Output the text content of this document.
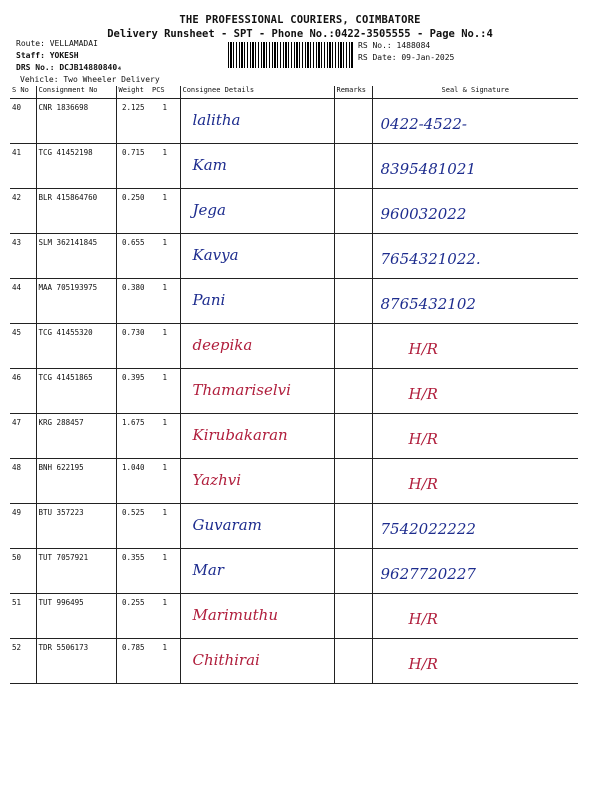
THE PROFESSIONAL COURIERS, COIMBATORE
Delivery Runsheet - SPT - Phone No.:0422-3505555 - Page No.:4
Route: VELLAMADAI
Staff: YOKESH
DRS No.: DCJB14880840₄
Vehicle: Two Wheeler Delivery
RS No.: 1488084
RS Date: 09-Jan-2025
S No	Consignment No	Weight	PCS	Consignee Details	Remarks	Seal & Signature
40	CNR 1836698	2.125	1	lalitha		0422-4522-

41	TCG 41452198	0.715	1	Kam		8395481021

42	BLR 415864760	0.250	1	Jega		960032022

43	SLM 362141845	0.655	1	Kavya		7654321022.

44	MAA 705193975	0.380	1	Pani		8765432102

45	TCG 41455320	0.730	1	deepika		H/R

46	TCG 41451865	0.395	1	Thamariselvi		H/R

47	KRG 288457	1.675	1	Kirubakaran		H/R

48	BNH 622195	1.040	1	Yazhvi		H/R

49	BTU 357223	0.525	1	Guvaram		7542022222

50	TUT 7057921	0.355	1	Mar		9627720227

51	TUT 996495	0.255	1	Marimuthu		H/R

52	TDR 5506173	0.785	1	Chithirai		H/R
